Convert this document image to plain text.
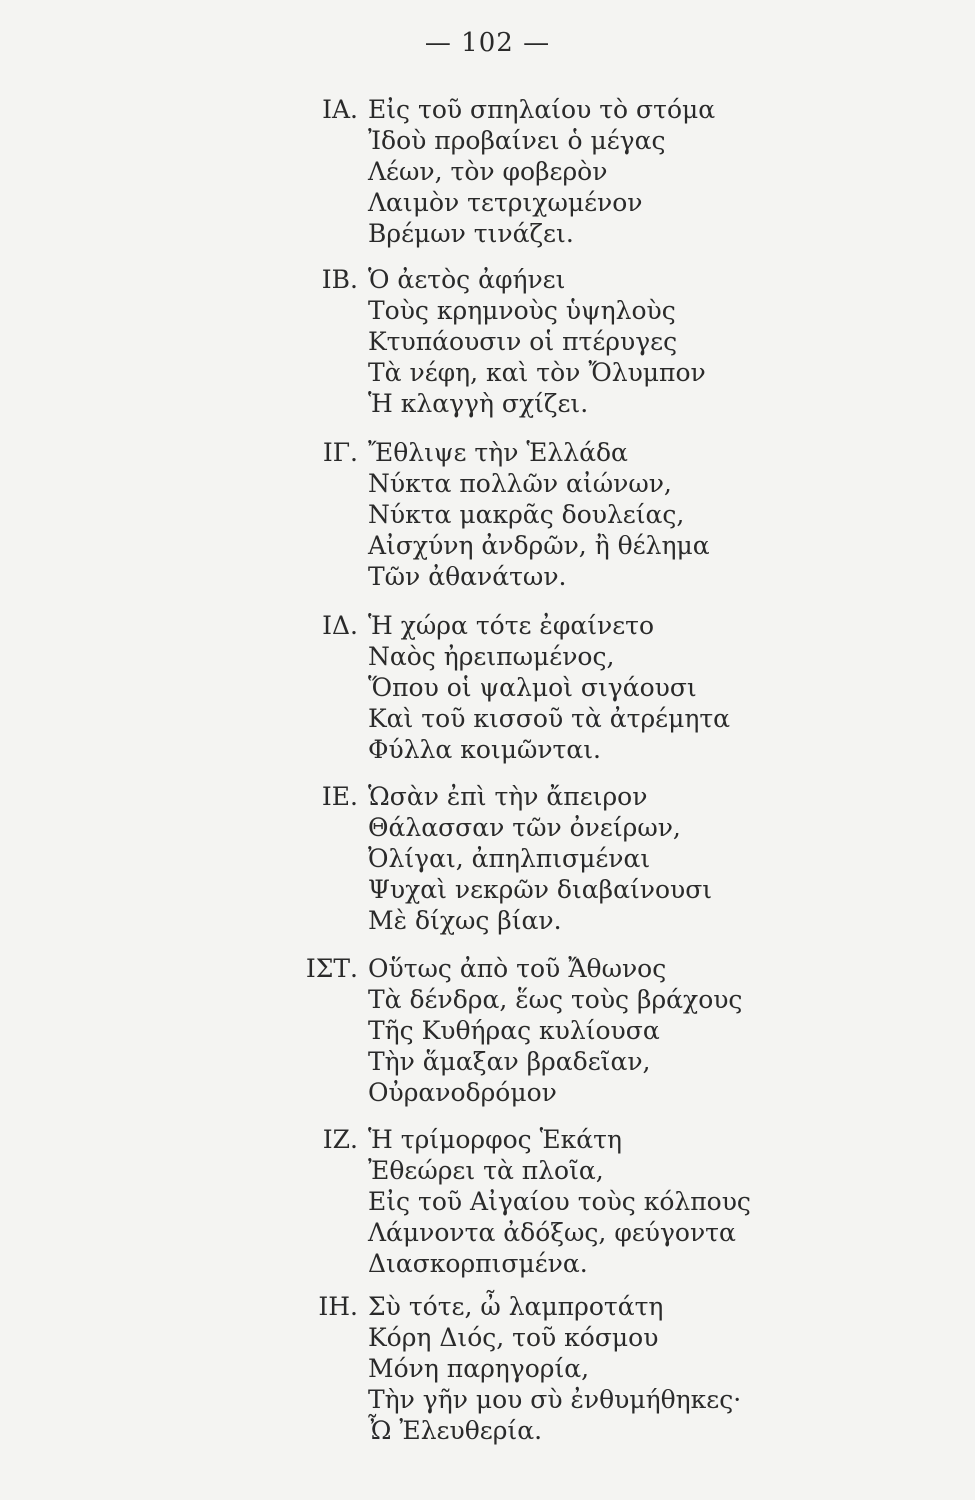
— 102 —
ΙΑ. Εἰς τοῦ σπηλαίου τὸ στόμα
Ἰδοὺ προβαίνει ὁ μέγας
Λέων, τὸν φοβερὸν
Λαιμὸν τετριχωμένον
Βρέμων τινάζει.
ΙΒ. Ὁ ἀετὸς ἀφήνει
Τοὺς κρημνοὺς ὑψηλοὺς
Κτυπάουσιν οἱ πτέρυγες
Τὰ νέφη, καὶ τὸν Ὄλυμπον
Ἡ κλαγγὴ σχίζει.
ΙΓ. Ἔθλιψε τὴν Ἑλλάδα
Νύκτα πολλῶν αἰώνων,
Νύκτα μακρᾶς δουλείας,
Αἰσχύνη ἀνδρῶν, ἢ θέλημα
Τῶν ἀθανάτων.
ΙΔ. Ἡ χώρα τότε ἐφαίνετο
Ναὸς ἠρειπωμένος,
Ὅπου οἱ ψαλμοὶ σιγάουσι
Καὶ τοῦ κισσοῦ τὰ ἀτρέμητα
Φύλλα κοιμῶνται.
ΙΕ. Ὡσὰν ἐπὶ τὴν ἄπειρον
Θάλασσαν τῶν ὀνείρων,
Ὀλίγαι, ἀπηλπισμέναι
Ψυχαὶ νεκρῶν διαβαίνουσι
Μὲ δίχως βίαν.
ΙΣΤ. Οὕτως ἀπὸ τοῦ Ἄθωνος
Τὰ δένδρα, ἕως τοὺς βράχους
Τῆς Κυθήρας κυλίουσα
Τὴν ἅμαξαν βραδεῖαν,
Οὐρανοδρόμον
ΙΖ. Ἡ τρίμορφος Ἑκάτη
Ἐθεώρει τὰ πλοῖα,
Εἰς τοῦ Αἰγαίου τοὺς κόλπους
Λάμνοντα ἀδόξως, φεύγοντα
Διασκορπισμένα.
ΙΗ. Σὺ τότε, ὦ λαμπροτάτη
Κόρη Διός, τοῦ κόσμου
Μόνη παρηγορία,
Τὴν γῆν μου σὺ ἐνθυμήθηκες·
Ὦ Ἐλευθερία.
